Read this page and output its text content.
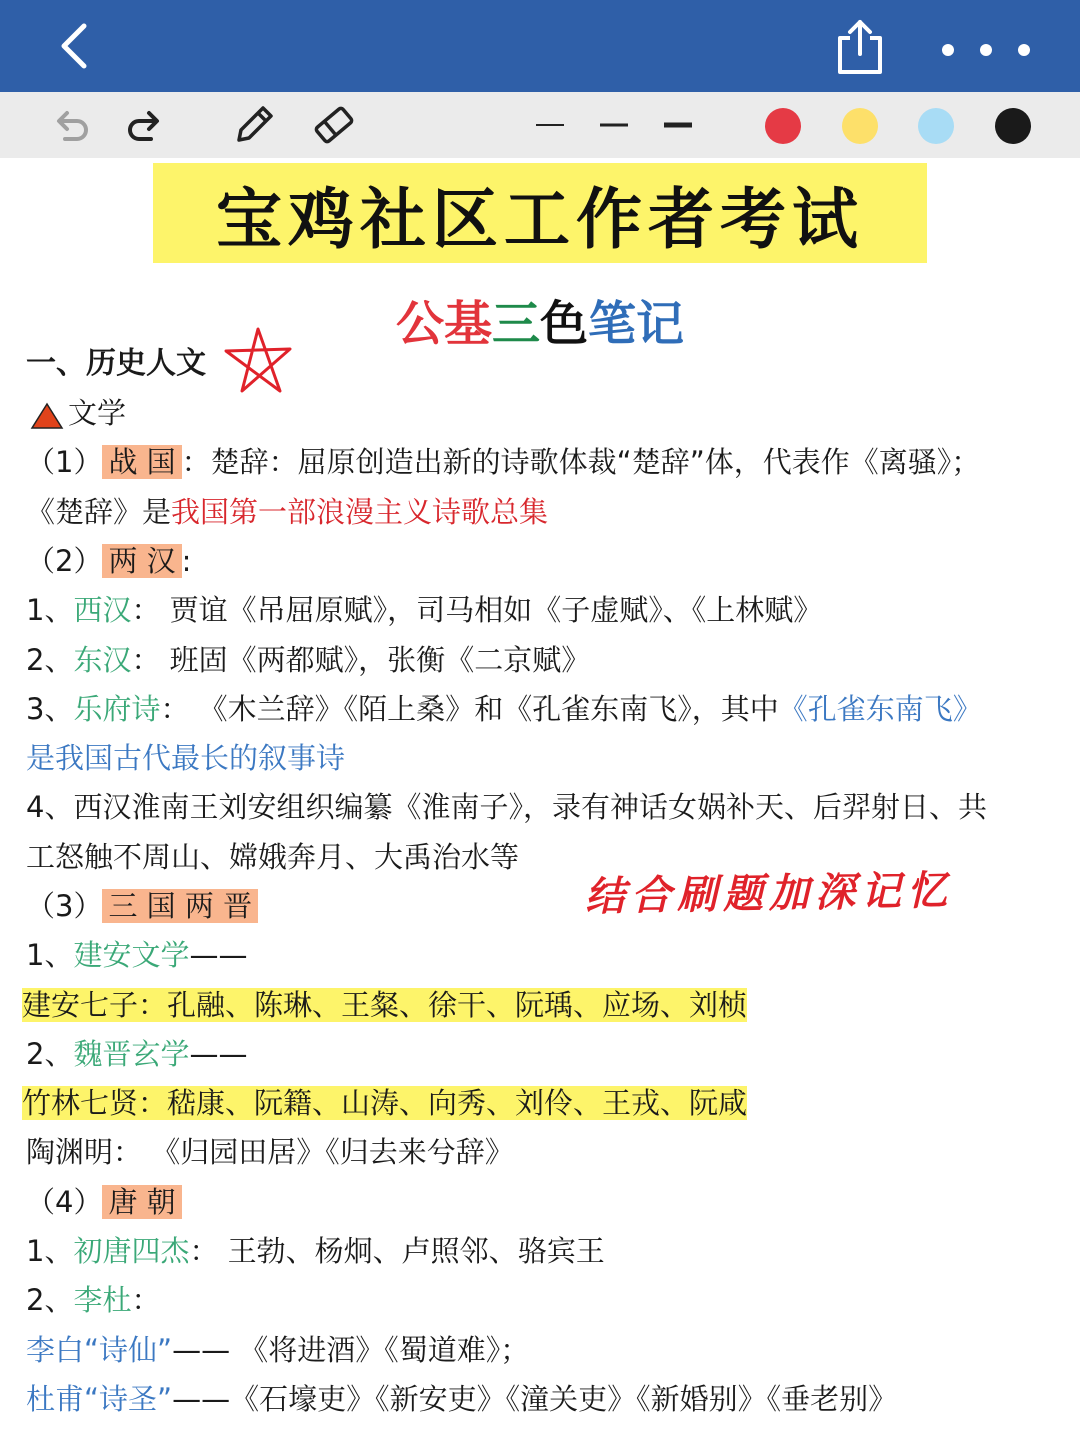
宝鸡社区工作者考试
公基三色笔记
一、历史人文
文学
（1） 战 国 ：楚辞：屈原创造出新的诗歌体裁“楚辞”体，代表作《离骚》；
《楚辞》是我国第一部浪漫主义诗歌总集
（2） 两 汉 :
1、西汉： 贾谊《吊屈原赋》，司马相如《子虚赋》、《上林赋》
2、东汉： 班固《两都赋》，张衡《二京赋》
3、乐府诗： 《木兰辞》《陌上桑》和《孔雀东南飞》，其中《孔雀东南飞》
是我国古代最长的叙事诗
4、西汉淮南王刘安组织编纂《淮南子》，录有神话女娲补天、后羿射日、共
工怒触不周山、嫦娥奔月、大禹治水等
结合刷题加深记忆
（3） 三 国 两 晋
1、建安文学——
建安七子：孔融、陈琳、王粲、徐干、阮瑀、应场、刘桢
2、魏晋玄学——
竹林七贤：嵇康、阮籍、山涛、向秀、刘伶、王戎、阮咸
陶渊明： 《归园田居》《归去来兮辞》
（4） 唐 朝
1、初唐四杰： 王勃、杨炯、卢照邻、骆宾王
2、李杜：
李白“诗仙”—— 《将进酒》《蜀道难》；
杜甫“诗圣”——《石壕吏》《新安吏》《潼关吏》《新婚别》《垂老别》
